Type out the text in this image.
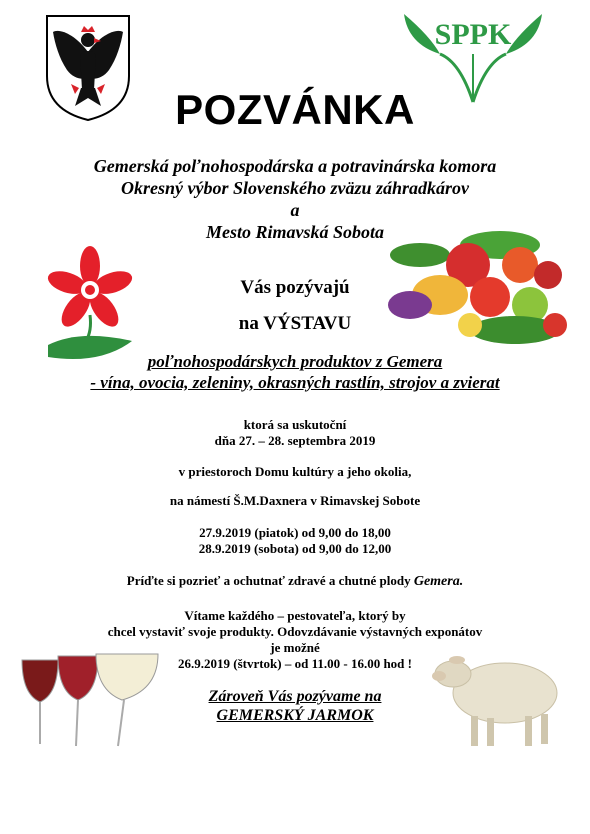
SPPK
POZVÁNKA
Gemerská poľnohospodárska a potravinárska komora
Okresný výbor Slovenského zväzu záhradkárov
a
Mesto Rimavská Sobota
Vás pozývajú
na VÝSTAVU
poľnohospodárskych produktov z Gemera
- vína, ovocia, zeleniny, okrasných rastlín, strojov a zvierat
ktorá sa uskutoční
dňa 27. – 28. septembra 2019
v priestoroch Domu kultúry a jeho okolia,
na námestí Š.M.Daxnera v Rimavskej Sobote
27.9.2019 (piatok) od 9,00 do 18,00
28.9.2019 (sobota) od 9,00 do 12,00
Príďte si pozrieť a ochutnať zdravé a chutné plody Gemera.
Vítame každého – pestovateľa, ktorý by
chcel vystaviť svoje produkty. Odovzdávanie výstavných exponátov
je možné
26.9.2019 (štvrtok) – od 11.00 - 16.00 hod !
Zároveň Vás pozývame na
GEMERSKÝ JARMOK
